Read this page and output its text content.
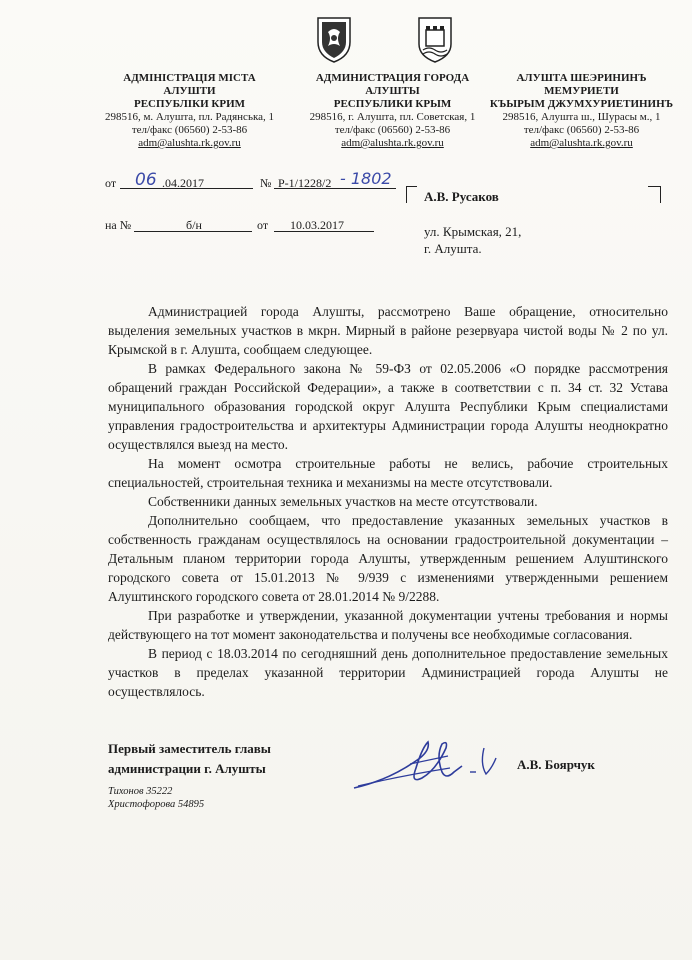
АДМІНІСТРАЦІЯ МІСТА
АЛУШТИ
РЕСПУБЛІКИ КРИМ
298516, м. Алушта, пл. Радянська, 1
тел/факс (06560) 2-53-86
adm@alushta.rk.gov.ru
АДМИНИСТРАЦИЯ ГОРОДА
АЛУШТЫ
РЕСПУБЛИКИ КРЫМ
298516, г. Алушта, пл. Советская, 1
тел/факс (06560) 2-53-86
adm@alushta.rk.gov.ru
АЛУШТА ШЕЭРИНИНЪ
МЕМУРИЕТИ
КЪЫРЫМ ДЖУМХУРИЕТИНИНЪ
298516, Алушта ш., Шурасы м., 1
тел/факс (06560) 2-53-86
adm@alushta.rk.gov.ru
от 06 .04.2017	№ Р-1/1228/2 - 1802
на №	б/н	от 10.03.2017
А.В. Русаков
ул. Крымская, 21,
г. Алушта.

Администрацией города Алушты, рассмотрено Ваше обращение, относительно выделения земельных участков в мкрн. Мирный в районе резервуара чистой воды № 2 по ул. Крымской в г. Алушта, сообщаем следующее.

В рамках Федерального закона № 59-ФЗ от 02.05.2006 «О порядке рассмотрения обращений граждан Российской Федерации», а также в соответствии с п. 34 ст. 32 Устава муниципального образования городской округ Алушта Республики Крым специалистами управления градостроительства и архитектуры Администрации города Алушты неоднократно осуществлялся выезд на место.

На момент осмотра строительные работы не велись, рабочие строительных специальностей, строительная техника и механизмы на месте отсутствовали.

Собственники данных земельных участков на месте отсутствовали.

Дополнительно сообщаем, что предоставление указанных земельных участков в собственность гражданам осуществлялось на основании градостроительной документации – Детальным планом территории города Алушты, утвержденным решением Алуштинского городского совета от 15.01.2013 № 9/939 с изменениями утвержденными решением Алуштинского городского совета от 28.01.2014 № 9/2288.

При разработке и утверждении, указанной документации учтены требования и нормы действующего на тот момент законодательства и получены все необходимые согласования.

В период с 18.03.2014 по сегодняшний день дополнительное предоставление земельных участков в пределах указанной территории Администрацией города Алушты не осуществлялось.

Первый заместитель главы
администрации г. Алушты	А.В. Боярчук
Тихонов 35222
Христофорова 54895
